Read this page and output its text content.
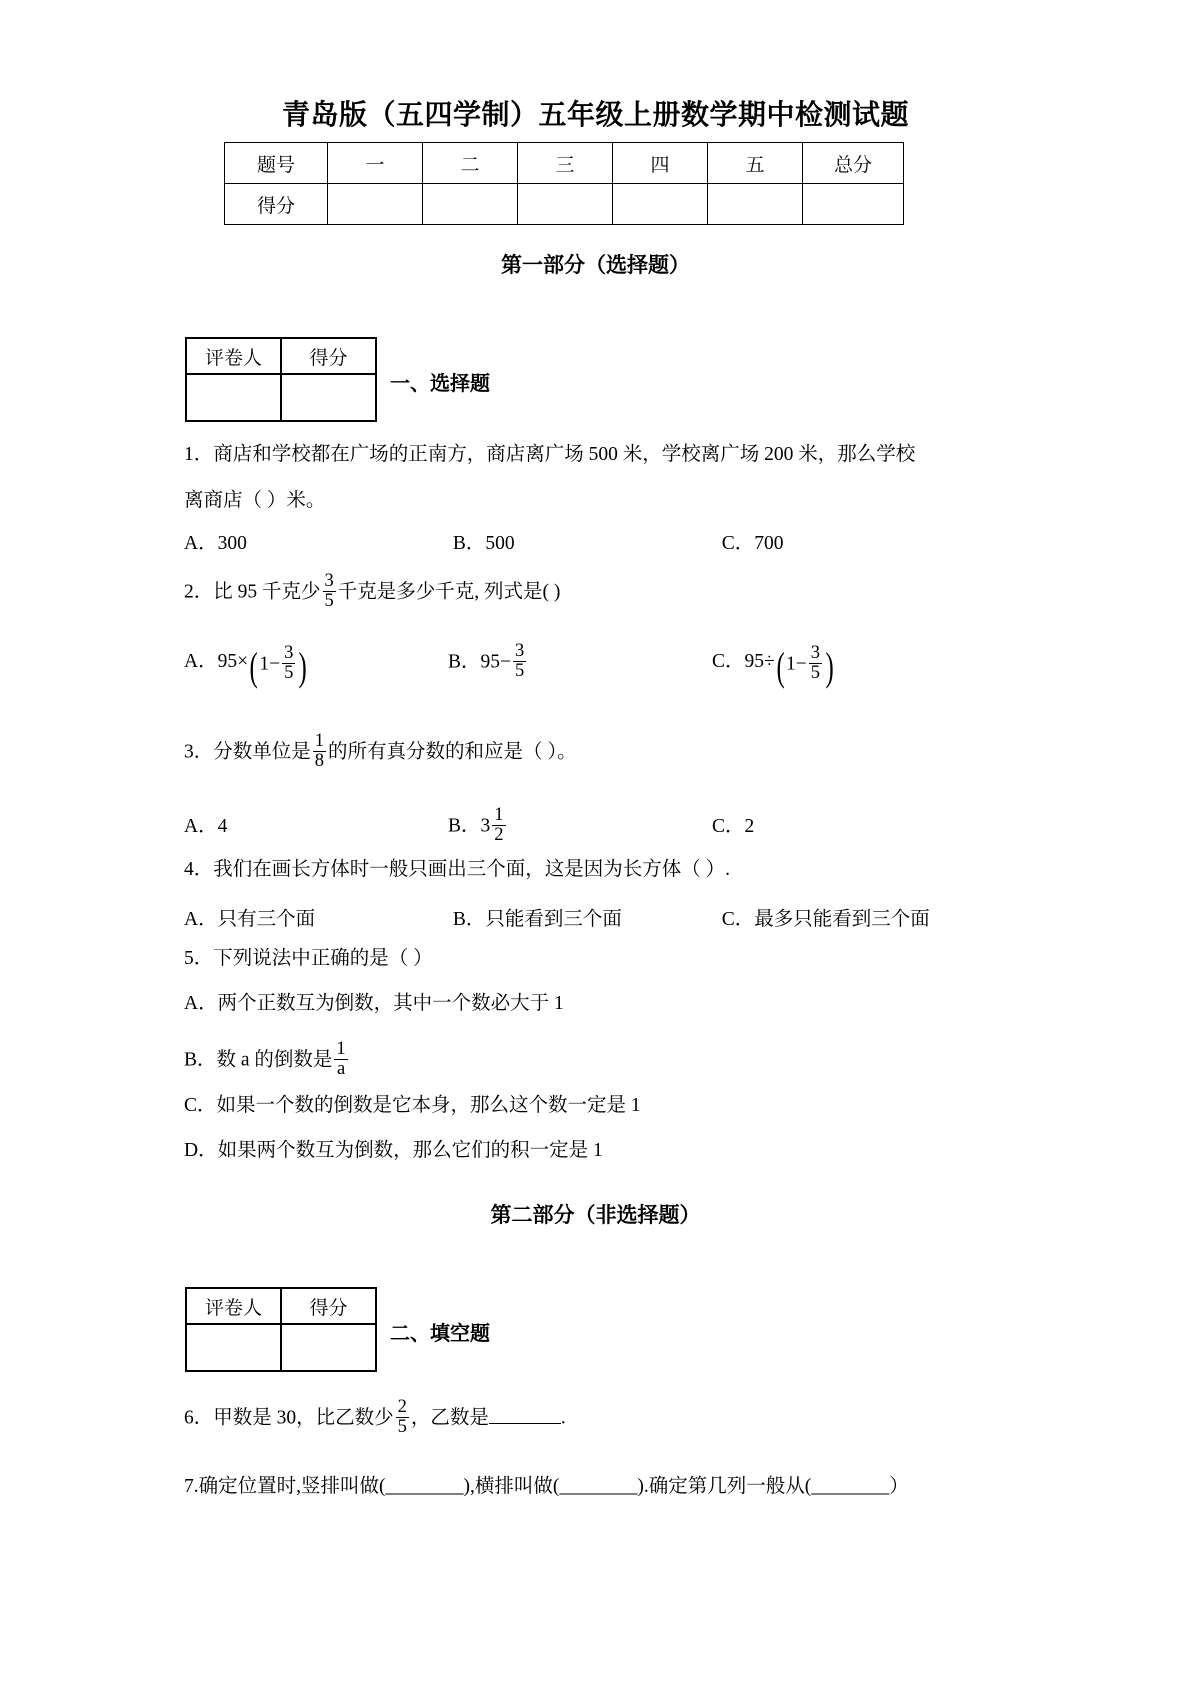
青岛版（五四学制）五年级上册数学期中检测试题
题号	一	二	三	四	五	总分
得分						
第一部分（选择题）
评卷人	得分

一、选择题
1．商店和学校都在广场的正南方，商店离广场 500 米，学校离广场 200 米，那么学校
离商店（ ）米。
A．300	B．500	C．700
2．比 95 千克少 $\frac{3}{5}$ 千克是多少千克, 列式是( )
A．$95\times(1- \frac{3}{5}$ )	B．$95- \frac{3}{5}$	C．$95\div(1- \frac{3}{5}$ )
3．分数单位是 $\frac{1}{8}$ 的所有真分数的和应是（ ）。
A．4	B．$3 \frac{1}{2}$	C．2
4．我们在画长方体时一般只画出三个面，这是因为长方体（ ）.
A．只有三个面	B．只能看到三个面	C．最多只能看到三个面
5．下列说法中正确的是（ ）
A．两个正数互为倒数，其中一个数必大于 1
B．数 a 的倒数是 $\frac{1}{a}$
C．如果一个数的倒数是它本身，那么这个数一定是 1
D．如果两个数互为倒数，那么它们的积一定是 1
第二部分（非选择题）
评卷人	得分

二、填空题
6．甲数是 30，比乙数少 $\frac{2}{5}$ ，乙数是	.
7.确定位置时,竖排叫做(________),横排叫做(________).确定第几列一般从(________）
